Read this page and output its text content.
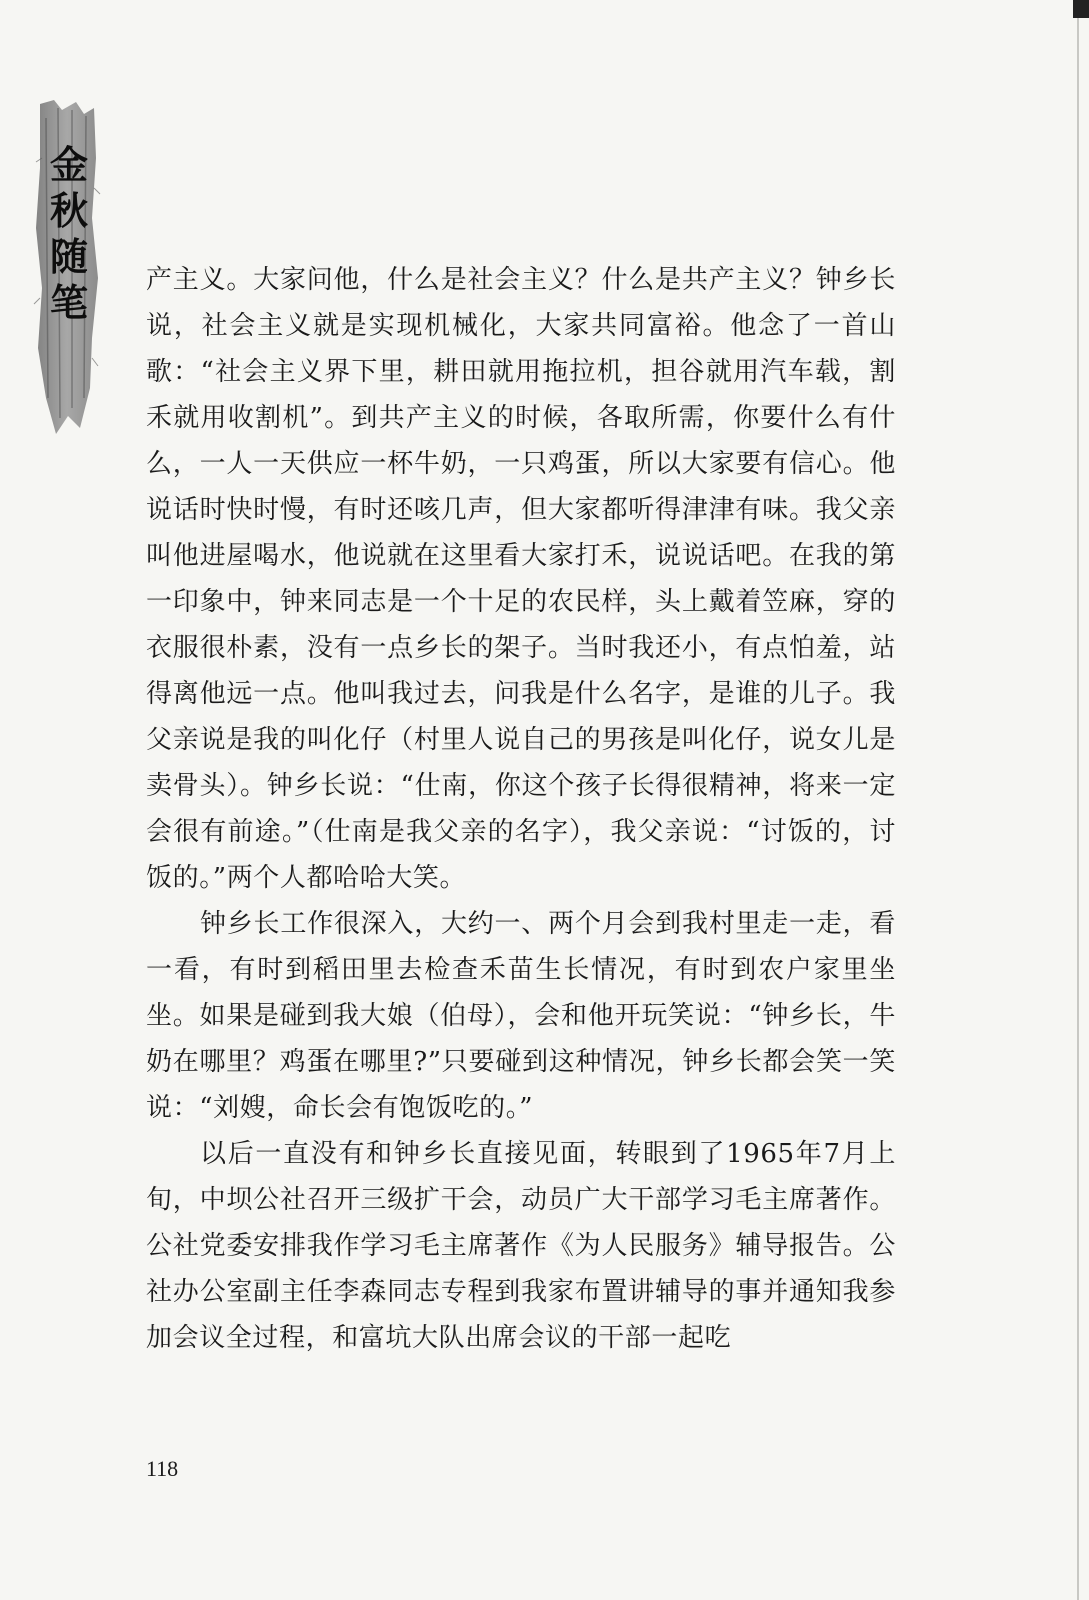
金秋随笔 产主义。大家问他，什么是社会主义？什么是共产主义？钟乡长说，社会主义就是实现机械化，大家共同富裕。他念了一首山歌：“社会主义界下里，耕田就用拖拉机，担谷就用汽车载，割禾就用收割机”。到共产主义的时候，各取所需，你要什么有什么，一人一天供应一杯牛奶，一只鸡蛋，所以大家要有信心。他说话时快时慢，有时还咳几声，但大家都听得津津有味。我父亲叫他进屋喝水，他说就在这里看大家打禾，说说话吧。在我的第一印象中，钟来同志是一个十足的农民样，头上戴着笠麻，穿的衣服很朴素，没有一点乡长的架子。当时我还小，有点怕羞，站得离他远一点。他叫我过去，问我是什么名字，是谁的儿子。我父亲说是我的叫化仔（村里人说自己的男孩是叫化仔，说女儿是卖骨头）。钟乡长说：“仕南，你这个孩子长得很精神，将来一定会很有前途。”（仕南是我父亲的名字），我父亲说：“讨饭的，讨饭的。”两个人都哈哈大笑。

钟乡长工作很深入，大约一、两个月会到我村里走一走，看一看，有时到稻田里去检查禾苗生长情况，有时到农户家里坐坐。如果是碰到我大娘（伯母），会和他开玩笑说：“钟乡长，牛奶在哪里？鸡蛋在哪里?”只要碰到这种情况，钟乡长都会笑一笑说：“刘嫂，命长会有饱饭吃的。”

以后一直没有和钟乡长直接见面，转眼到了1965年7月上旬，中坝公社召开三级扩干会，动员广大干部学习毛主席著作。公社党委安排我作学习毛主席著作《为人民服务》辅导报告。公社办公室副主任李森同志专程到我家布置讲辅导的事并通知我参加会议全过程，和富坑大队出席会议的干部一起吃

118
